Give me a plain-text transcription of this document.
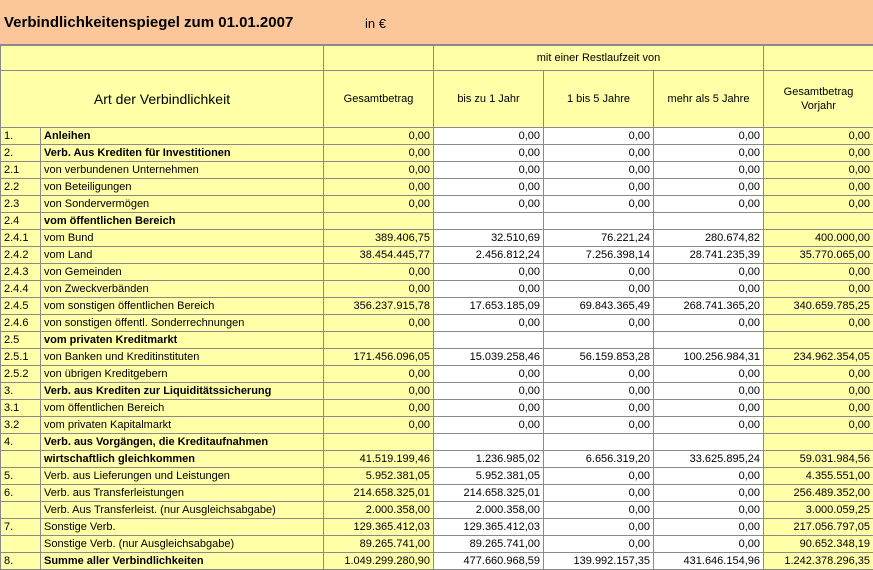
Verbindlichkeitenspiegel zum 01.01.2007	in €
			mit einer Restlaufzeit von			
Art der Verbindlichkeit		Gesamtbetrag	bis zu 1 Jahr	1 bis 5 Jahre	mehr als 5 Jahre	Gesamtbetrag Vorjahr
1.	Anleihen	0,00	0,00	0,00	0,00	0,00
2.	Verb. Aus Krediten für Investitionen	0,00	0,00	0,00	0,00	0,00
2.1	von verbundenen Unternehmen	0,00	0,00	0,00	0,00	0,00
2.2	von Beteiligungen	0,00	0,00	0,00	0,00	0,00
2.3	von Sondervermögen	0,00	0,00	0,00	0,00	0,00
2.4	vom öffentlichen Bereich					
2.4.1	vom Bund	389.406,75	32.510,69	76.221,24	280.674,82	400.000,00
2.4.2	vom Land	38.454.445,77	2.456.812,24	7.256.398,14	28.741.235,39	35.770.065,00
2.4.3	von Gemeinden	0,00	0,00	0,00	0,00	0,00
2.4.4	von Zweckverbänden	0,00	0,00	0,00	0,00	0,00
2.4.5	vom sonstigen öffentlichen Bereich	356.237.915,78	17.653.185,09	69.843.365,49	268.741.365,20	340.659.785,25
2.4.6	von sonstigen öffentl. Sonderrechnungen	0,00	0,00	0,00	0,00	0,00
2.5	vom privaten Kreditmarkt					
2.5.1	von Banken und Kreditinstituten	171.456.096,05	15.039.258,46	56.159.853,28	100.256.984,31	234.962.354,05
2.5.2	von übrigen Kreditgebern	0,00	0,00	0,00	0,00	0,00
3.	Verb. aus Krediten zur Liquiditätssicherung	0,00	0,00	0,00	0,00	0,00
3.1	vom öffentlichen Bereich	0,00	0,00	0,00	0,00	0,00
3.2	vom privaten Kapitalmarkt	0,00	0,00	0,00	0,00	0,00
4.	Verb. aus Vorgängen, die Kreditaufnahmen					
	wirtschaftlich gleichkommen	41.519.199,46	1.236.985,02	6.656.319,20	33.625.895,24	59.031.984,56
5.	Verb. aus Lieferungen und Leistungen	5.952.381,05	5.952.381,05	0,00	0,00	4.355.551,00
6.	Verb. aus Transferleistungen	214.658.325,01	214.658.325,01	0,00	0,00	256.489.352,00
	Verb. Aus Transferleist. (nur Ausgleichsabgabe)	2.000.358,00	2.000.358,00	0,00	0,00	3.000.059,25
7.	Sonstige Verb.	129.365.412,03	129.365.412,03	0,00	0,00	217.056.797,05
	Sonstige Verb. (nur Ausgleichsabgabe)	89.265.741,00	89.265.741,00	0,00	0,00	90.652.348,19
8.	Summe aller Verbindlichkeiten	1.049.299.280,90	477.660.968,59	139.992.157,35	431.646.154,96	1.242.378.296,35
